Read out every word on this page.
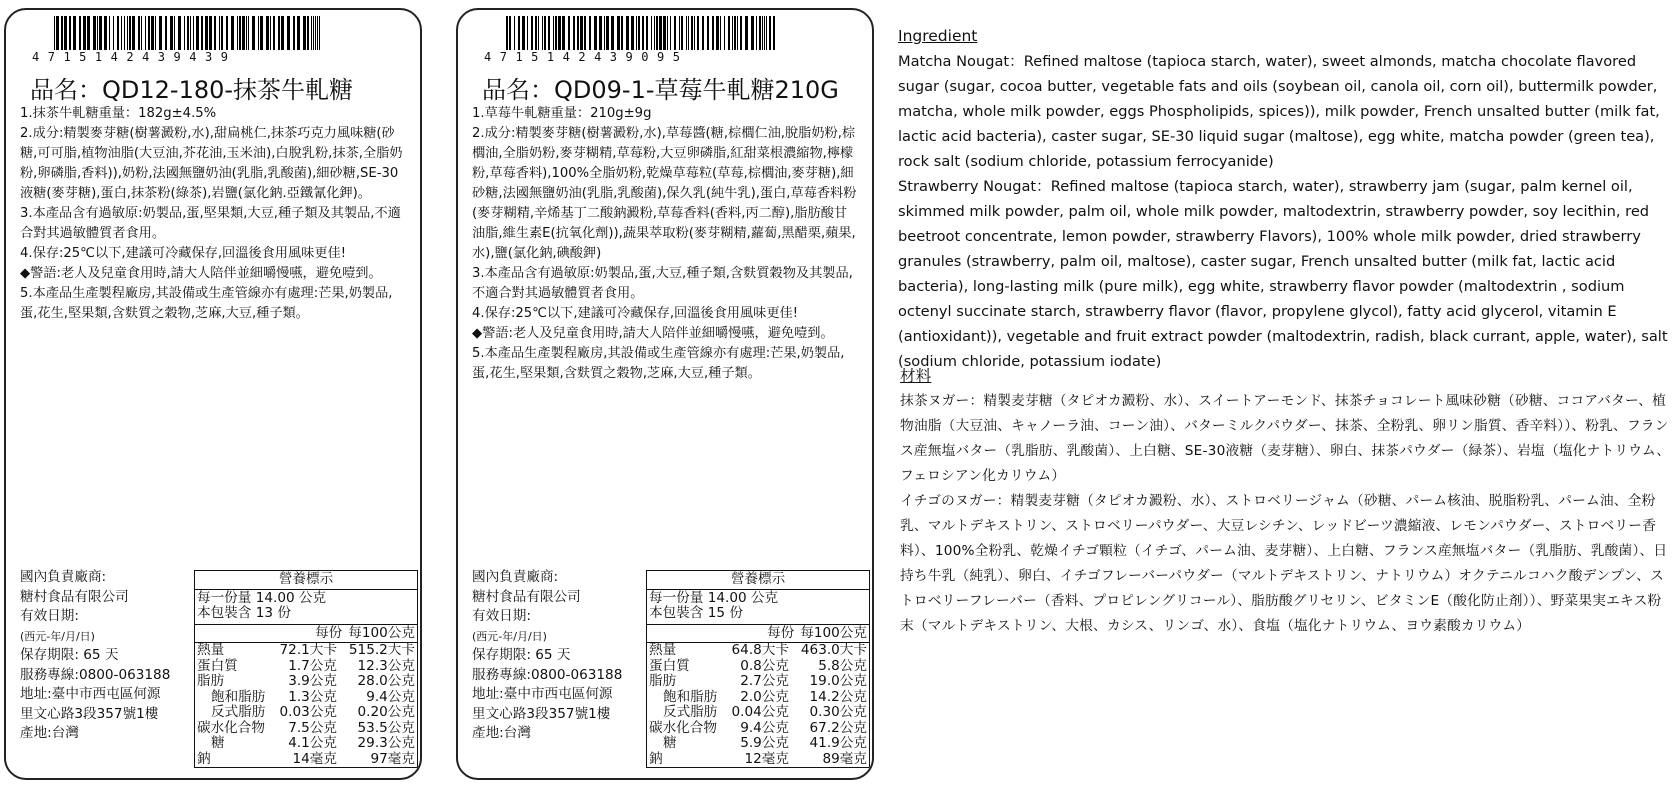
4715142439439
品名：QD12-180-抹茶牛軋糖

1.抹茶牛軋糖重量：182g±4.5%

2.成分:精製麥芽糖(樹薯澱粉,水),甜扁桃仁,抹茶巧克力風味糖(砂糖,可可脂,植物油脂(大豆油,芥花油,玉米油),白脫乳粉,抹茶,全脂奶粉,卵磷脂,香料)),奶粉,法國無鹽奶油(乳脂,乳酸菌),細砂糖,SE-30液糖(麥芽糖),蛋白,抹茶粉(綠茶),岩鹽(氯化鈉.亞鐵氰化鉀)。

3.本產品含有過敏原:奶製品,蛋,堅果類,大豆,種子類及其製品,不適合對其過敏體質者食用。

4.保存:25℃以下,建議可冷藏保存,回溫後食用風味更佳!

◆警語:老人及兒童食用時,請大人陪伴並細嚼慢嚥，避免噎到。

5.本產品生產製程廠房,其設備或生產管線亦有處理:芒果,奶製品,蛋,花生,堅果類,含麩質之穀物,芝麻,大豆,種子類。

國內負責廠商:
糖村食品有限公司
有效日期:
(西元-年/月/日)
保存期限: 65 天
服務專線:0800-063188
地址:臺中市西屯區何源
里文心路3段357號1樓
產地:台灣
營養標示
每一份量 14.00 公克
本包裝含 13 份
每份 每100公克
熱量	72.1大卡 515.2大卡
蛋白質	1.7公克	12.3公克
脂肪	3.9公克	28.0公克
飽和脂肪	1.3公克	9.4公克
反式脂肪	0.03公克	0.20公克
碳水化合物	7.5公克	53.5公克
糖	4.1公克	29.3公克
鈉	14毫克	97毫克
4715142439095
品名：QD09-1-草莓牛軋糖210G

1.草莓牛軋糖重量：210g±9g

2.成分:精製麥芽糖(樹薯澱粉,水),草莓醬(糖,棕櫚仁油,脫脂奶粉,棕櫚油,全脂奶粉,麥芽糊精,草莓粉,大豆卵磷脂,紅甜菜根濃縮物,檸檬粉,草莓香料),100%全脂奶粉,乾燥草莓粒(草莓,棕櫚油,麥芽糖),細砂糖,法國無鹽奶油(乳脂,乳酸菌),保久乳(純牛乳),蛋白,草莓香料粉(麥芽糊精,辛烯基丁二酸鈉澱粉,草莓香料(香料,丙二醇),脂肪酸甘油脂,維生素E(抗氧化劑)),蔬果萃取粉(麥芽糊精,蘿蔔,黑醋栗,蘋果,水),鹽(氯化鈉,碘酸鉀)

3.本產品含有過敏原:奶製品,蛋,大豆,種子類,含麩質穀物及其製品,不適合對其過敏體質者食用。

4.保存:25℃以下,建議可冷藏保存,回溫後食用風味更佳!

◆警語:老人及兒童食用時,請大人陪伴並細嚼慢嚥，避免噎到。

5.本產品生產製程廠房,其設備或生產管線亦有處理:芒果,奶製品,蛋,花生,堅果類,含麩質之穀物,芝麻,大豆,種子類。

國內負責廠商:
糖村食品有限公司
有效日期:
(西元-年/月/日)
保存期限: 65 天
服務專線:0800-063188
地址:臺中市西屯區何源
里文心路3段357號1樓
產地:台灣
營養標示
每一份量 14.00 公克
本包裝含 15 份
每份 每100公克
熱量	64.8大卡 463.0大卡
蛋白質	0.8公克	5.8公克
脂肪	2.7公克	19.0公克
飽和脂肪	2.0公克	14.2公克
反式脂肪	0.04公克	0.30公克
碳水化合物	9.4公克	67.2公克
糖	5.9公克	41.9公克
鈉	12毫克	89毫克

Ingredient

Matcha Nougat：Refined maltose (tapioca starch, water), sweet almonds, matcha chocolate flavored sugar (sugar, cocoa butter, vegetable fats and oils (soybean oil, canola oil, corn oil), buttermilk powder, matcha, whole milk powder, eggs Phospholipids, spices)), milk powder, French unsalted butter (milk fat, lactic acid bacteria), caster sugar, SE-30 liquid sugar (maltose), egg white, matcha powder (green tea), rock salt (sodium chloride, potassium ferrocyanide)

Strawberry Nougat：Refined maltose (tapioca starch, water), strawberry jam (sugar, palm kernel oil, skimmed milk powder, palm oil, whole milk powder, maltodextrin, strawberry powder, soy lecithin, red beetroot concentrate, lemon powder, strawberry Flavors), 100% whole milk powder, dried strawberry granules (strawberry, palm oil, maltose), caster sugar, French unsalted butter (milk fat, lactic acid bacteria), long-lasting milk (pure milk), egg white, strawberry flavor powder (maltodextrin , sodium octenyl succinate starch, strawberry flavor (flavor, propylene glycol), fatty acid glycerol, vitamin E (antioxidant)), vegetable and fruit extract powder (maltodextrin, radish, black currant, apple, water), salt (sodium chloride, potassium iodate)

材料

抹茶ヌガー：精製麦芽糖（タピオカ澱粉、水）、スイートアーモンド、抹茶チョコレート風味砂糖（砂糖、ココアバター、植物油脂（大豆油、キャノーラ油、コーン油）、バターミルクパウダー、抹茶、全粉乳、卵リン脂質、香辛料））、粉乳、フランス産無塩バター（乳脂肪、乳酸菌）、上白糖、SE-30液糖（麦芽糖）、卵白、抹茶パウダー（緑茶）、岩塩（塩化ナトリウム、フェロシアン化カリウム）

イチゴのヌガー：精製麦芽糖（タピオカ澱粉、水）、ストロベリージャム（砂糖、パーム核油、脱脂粉乳、パーム油、全粉乳、マルトデキストリン、ストロベリーパウダー、大豆レシチン、レッドビーツ濃縮液、レモンパウダー、ストロベリー香料）、100%全粉乳、乾燥イチゴ顆粒（イチゴ、パーム油、麦芽糖）、上白糖、フランス産無塩バター（乳脂肪、乳酸菌）、日持ち牛乳（純乳）、卵白、イチゴフレーバーパウダー（マルトデキストリン、ナトリウム）オクテニルコハク酸デンプン、ストロベリーフレーバー（香料、プロピレングリコール）、脂肪酸グリセリン、ビタミンE（酸化防止剤））、野菜果実エキス粉末（マルトデキストリン、大根、カシス、リンゴ、水）、食塩（塩化ナトリウム、ヨウ素酸カリウム）
